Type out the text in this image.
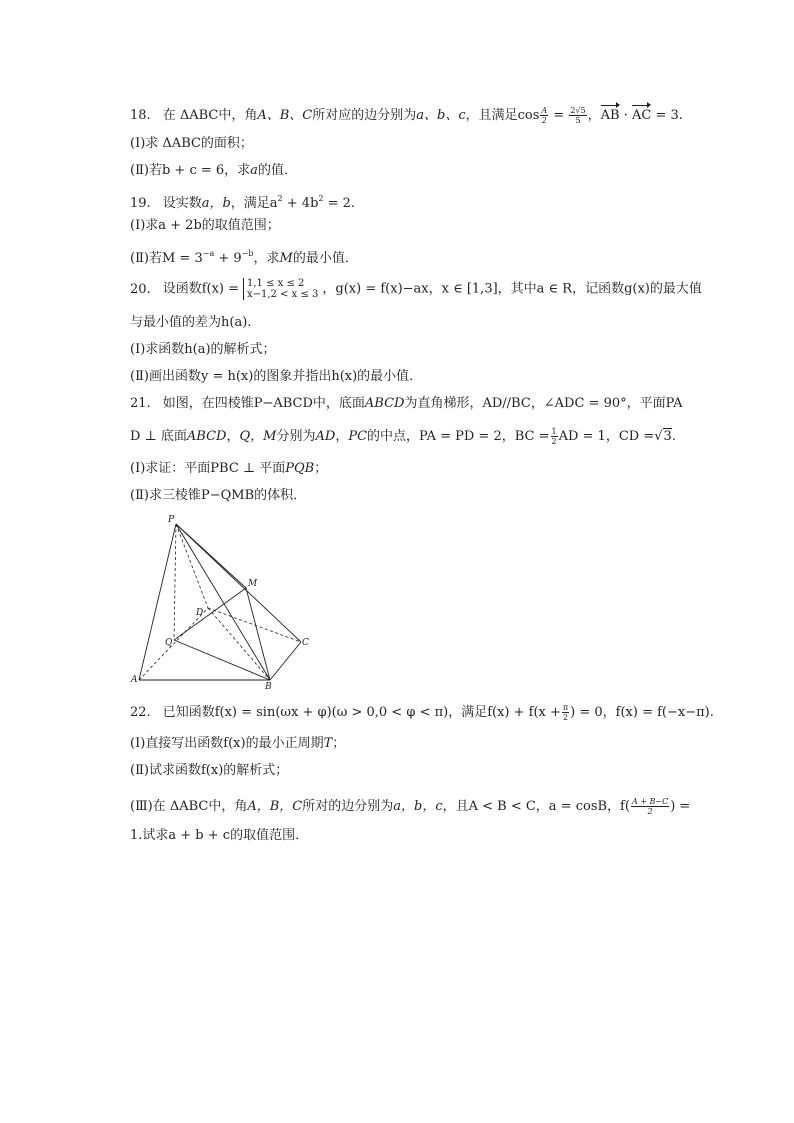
18. 在 ΔABC中，角A、B、C所对应的边分别为a、b、c，且满足$\cos \frac{A}{2} = \frac{2√5}{5}$ ，AB · AC = 3.
(Ⅰ)求 ΔABC的面积；
(Ⅱ)若b + c = 6，求a的值．
19. 设实数a，b，满足$a^2 + 4b^2 = 2$.
(Ⅰ)求a + 2b的取值范围；
(Ⅱ)若$M = 3^{-a} + 9^{-b}$，求M的最小值．
20. 设函数f(x) = 1,1 ≤ x ≤ 2
x−1,2 < x ≤ 3 ，g(x) = f(x)−ax，x ∈ [1,3]，其中a ∈ R，记函数g(x)的最大值
与最小值的差为h(a).
(Ⅰ)求函数h(a)的解析式；
(Ⅱ)画出函数y = h(x)的图象并指出h(x)的最小值．
21. 如图，在四棱锥P−ABCD中，底面ABCD为直角梯形，AD//BC，∠ADC = 90°，平面PA
D ⊥ 底面ABCD，Q，M分别为AD，PC的中点，PA = PD = 2，BC = $\frac{1}{2}$ AD = 1，CD =√3.
(Ⅰ)求证：平面PBC ⊥ 平面PQB；
(Ⅱ)求三棱锥P−QMB的体积．
P
M
D
Q	C
A
B
22. 已知函数f(x) = sin(ωx + φ)(ω > 0,0 < φ < π)，满足$f(x) + f(x + \frac{\pi}{2}$ ) = 0，f(x) = f(−x−π).
(Ⅰ)直接写出函数f(x)的最小正周期T；
(Ⅱ)试求函数f(x)的解析式；
(Ⅲ)在 ΔABC中，角A，B，C所对的边分别为a，b，c，且A < B < C，a = cosB，$f( \frac{A + B-C}{2}$ ) =
1.试求a + b + c的取值范围．
